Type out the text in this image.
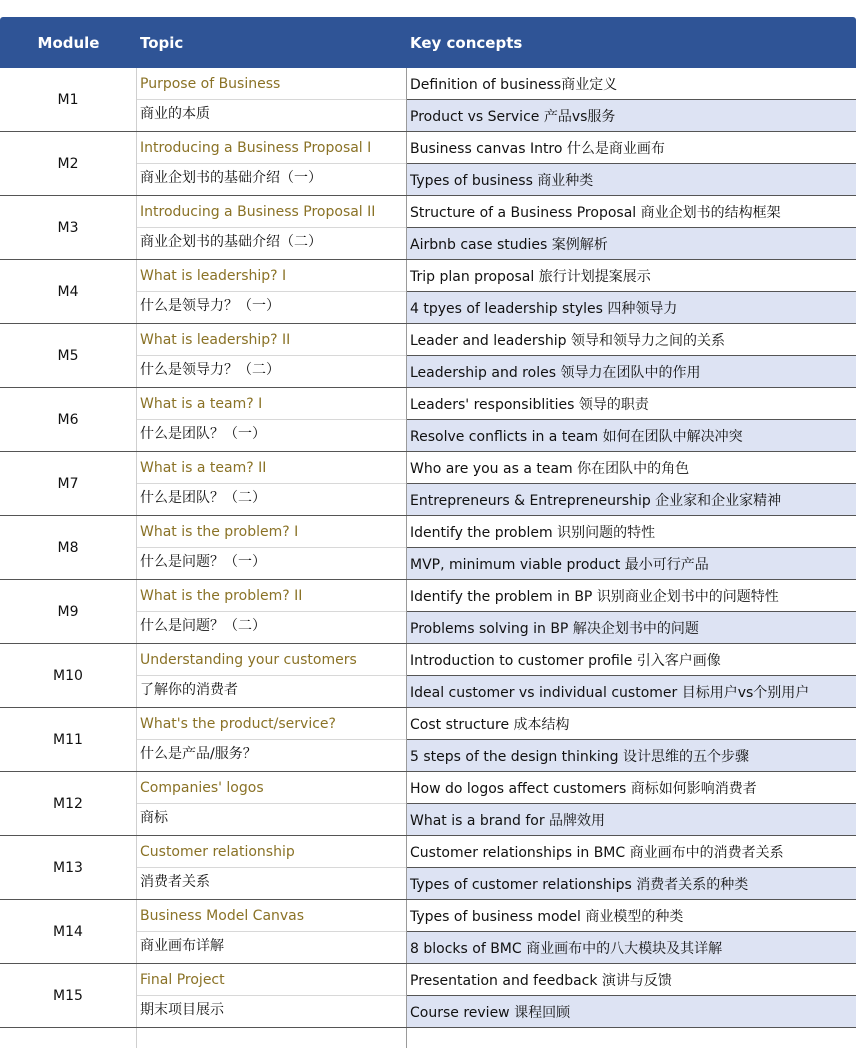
Module	Topic	Key concepts
M1
Purpose of Business
商业的本质
Definition of business商业定义
Product vs Service 产品vs服务
M2
Introducing a Business Proposal I
商业企划书的基础介绍（一）
Business canvas Intro 什么是商业画布
Types of business 商业种类
M3
Introducing a Business Proposal II
商业企划书的基础介绍（二）
Structure of a Business Proposal 商业企划书的结构框架
Airbnb case studies 案例解析
M4
What is leadership? I
什么是领导力？（一）
Trip plan proposal 旅行计划提案展示
4 tpyes of leadership styles 四种领导力
M5
What is leadership? II
什么是领导力？（二）
Leader and leadership 领导和领导力之间的关系
Leadership and roles 领导力在团队中的作用
M6
What is a team? I
什么是团队？（一）
Leaders' responsiblities 领导的职责
Resolve conflicts in a team 如何在团队中解决冲突
M7
What is a team? II
什么是团队？（二）
Who are you as a team 你在团队中的角色
Entrepreneurs & Entrepreneurship 企业家和企业家精神
M8
What is the problem? I
什么是问题？（一）
Identify the problem 识别问题的特性
MVP, minimum viable product 最小可行产品
M9
What is the problem? II
什么是问题？（二）
Identify the problem in BP 识别商业企划书中的问题特性
Problems solving in BP 解决企划书中的问题
M10
Understanding your customers
了解你的消费者
Introduction to customer profile 引入客户画像
Ideal customer vs individual customer 目标用户vs个别用户
M11
What's the product/service?
什么是产品/服务？
Cost structure 成本结构
5 steps of the design thinking 设计思维的五个步骤
M12
Companies' logos
商标
How do logos affect customers 商标如何影响消费者
What is a brand for 品牌效用
M13
Customer relationship
消费者关系
Customer relationships in BMC 商业画布中的消费者关系
Types of customer relationships 消费者关系的种类
M14
Business Model Canvas
商业画布详解
Types of business model 商业模型的种类
8 blocks of BMC 商业画布中的八大模块及其详解
M15
Final Project
期末项目展示
Presentation and feedback 演讲与反馈
Course review 课程回顾
